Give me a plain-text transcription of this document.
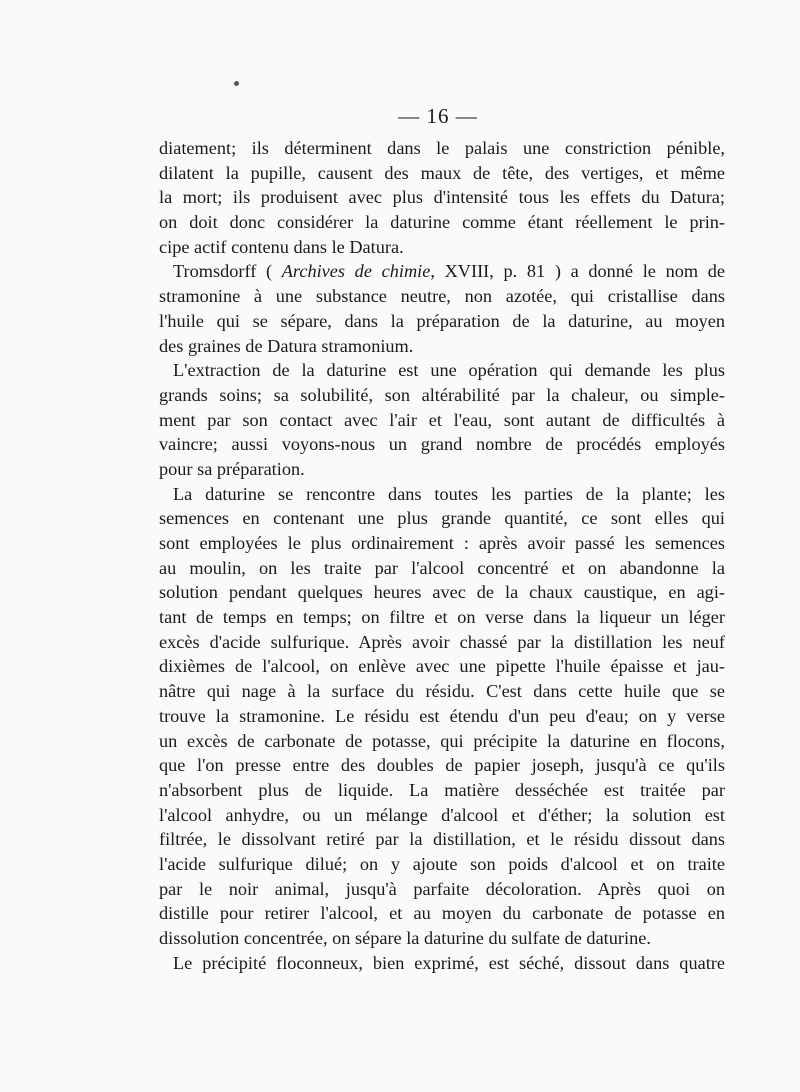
— 16 —
diatement; ils déterminent dans le palais une constriction pénible,
dilatent la pupille, causent des maux de tête, des vertiges, et même
la mort; ils produisent avec plus d'intensité tous les effets du Datura;
on doit donc considérer la daturine comme étant réellement le prin-
cipe actif contenu dans le Datura.
Tromsdorff ( Archives de chimie, XVIII, p. 81 ) a donné le nom de
stramonine à une substance neutre, non azotée, qui cristallise dans
l'huile qui se sépare, dans la préparation de la daturine, au moyen
des graines de Datura stramonium.
L'extraction de la daturine est une opération qui demande les plus
grands soins; sa solubilité, son altérabilité par la chaleur, ou simple-
ment par son contact avec l'air et l'eau, sont autant de difficultés à
vaincre; aussi voyons-nous un grand nombre de procédés employés
pour sa préparation.
La daturine se rencontre dans toutes les parties de la plante; les
semences en contenant une plus grande quantité, ce sont elles qui
sont employées le plus ordinairement : après avoir passé les semences
au moulin, on les traite par l'alcool concentré et on abandonne la
solution pendant quelques heures avec de la chaux caustique, en agi-
tant de temps en temps; on filtre et on verse dans la liqueur un léger
excès d'acide sulfurique. Après avoir chassé par la distillation les neuf
dixièmes de l'alcool, on enlève avec une pipette l'huile épaisse et jau-
nâtre qui nage à la surface du résidu. C'est dans cette huile que se
trouve la stramonine. Le résidu est étendu d'un peu d'eau; on y verse
un excès de carbonate de potasse, qui précipite la daturine en flocons,
que l'on presse entre des doubles de papier joseph, jusqu'à ce qu'ils
n'absorbent plus de liquide. La matière desséchée est traitée par
l'alcool anhydre, ou un mélange d'alcool et d'éther; la solution est
filtrée, le dissolvant retiré par la distillation, et le résidu dissout dans
l'acide sulfurique dilué; on y ajoute son poids d'alcool et on traite
par le noir animal, jusqu'à parfaite décoloration. Après quoi on
distille pour retirer l'alcool, et au moyen du carbonate de potasse en
dissolution concentrée, on sépare la daturine du sulfate de daturine.
Le précipité floconneux, bien exprimé, est séché, dissout dans quatre
